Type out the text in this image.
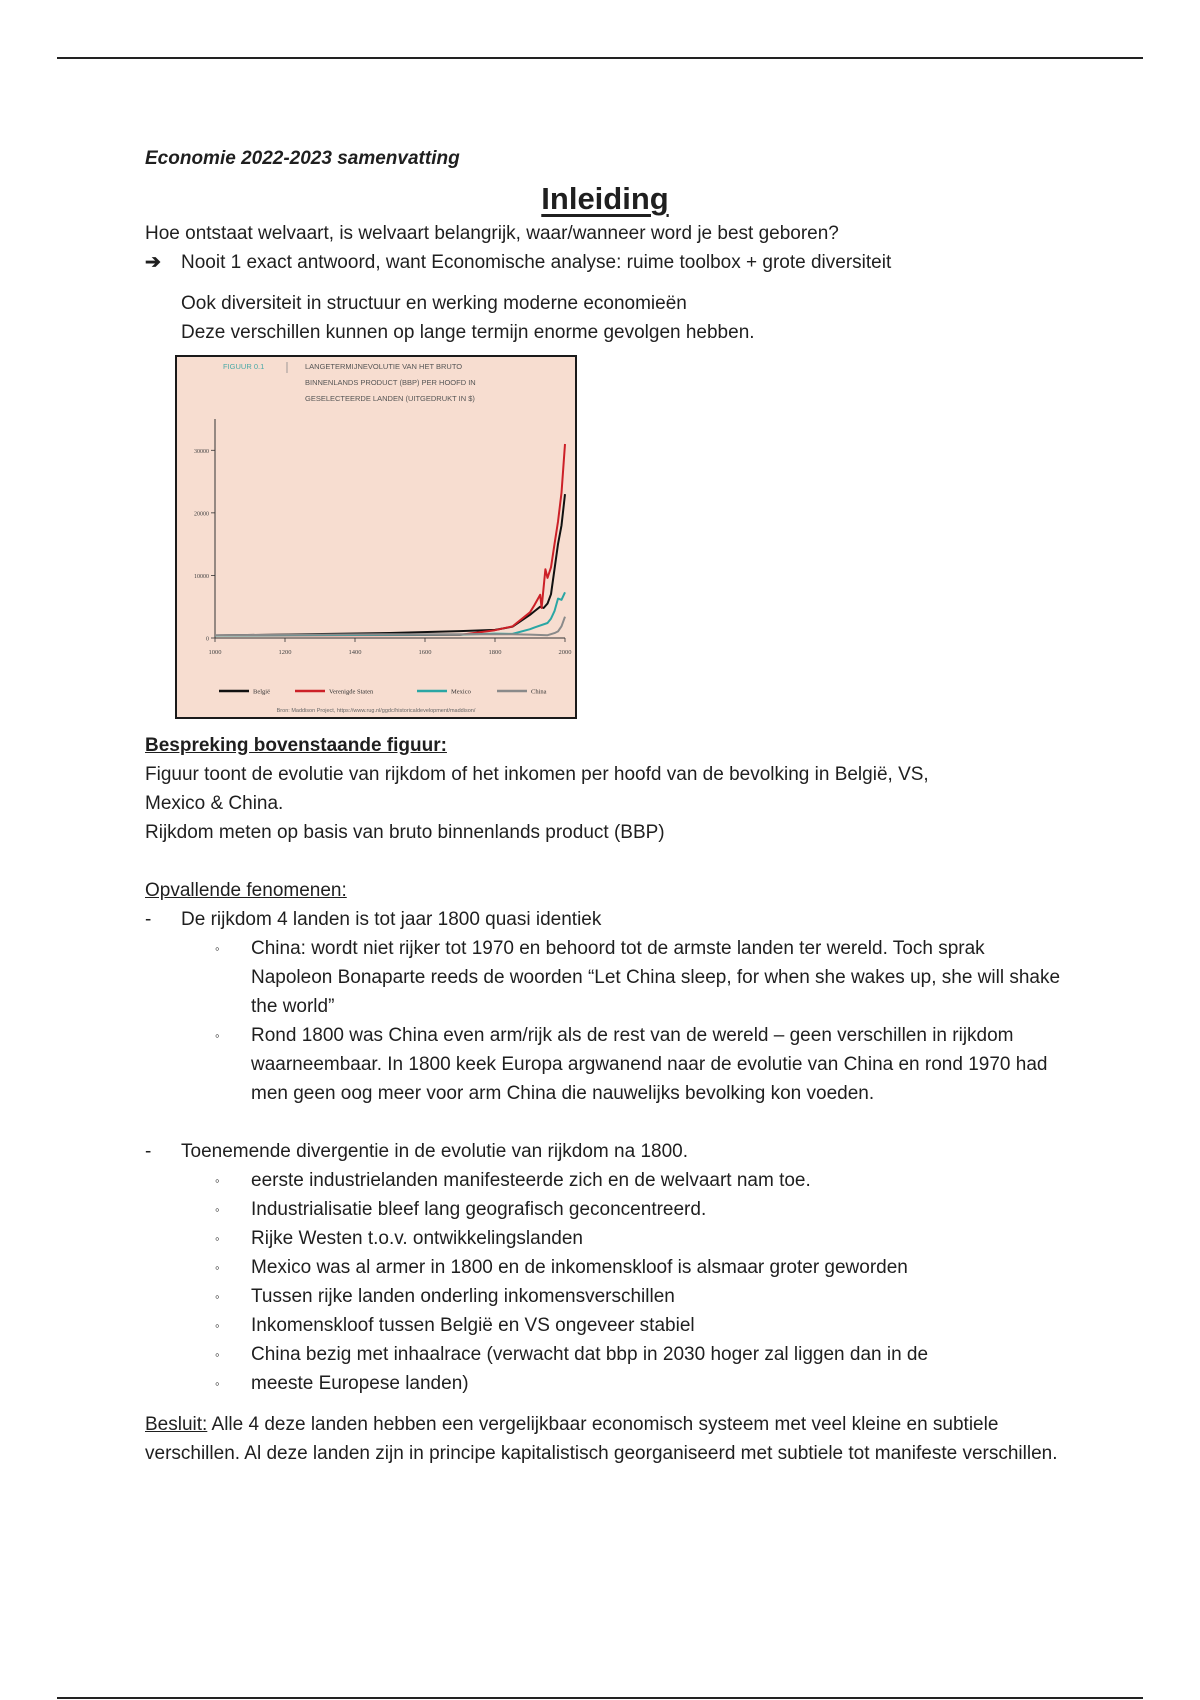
Economie 2022-2023 samenvatting

Inleiding

Hoe ontstaat welvaart, is welvaart belangrijk, waar/wanneer word je best geboren?

➔	Nooit 1 exact antwoord, want Economische analyse: ruime toolbox + grote diversiteit

Ook diversiteit in structuur en werking moderne economieën

Deze verschillen kunnen op lange termijn enorme gevolgen hebben.

FIGUUR 0.1	LANGETERMIJNEVOLUTIE VAN HET BRUTO
BINNENLANDS PRODUCT (BBP) PER HOOFD IN
GESELECTEERDE LANDEN (UITGEDRUKT IN $)
0
10000
20000
30000
1000	1200	1400	1600	1800	2000
België	Verenigde Staten	Mexico	China
Bron: Maddison Project, https://www.rug.nl/ggdc/historicaldevelopment/maddison/

Bespreking bovenstaande figuur:

Figuur toont de evolutie van rijkdom of het inkomen per hoofd van de bevolking in België, VS,

Mexico & China.

Rijkdom meten op basis van bruto binnenlands product (BBP)

Opvallende fenomenen:

- De rijkdom 4 landen is tot jaar 1800 quasi identiek
◦ China: wordt niet rijker tot 1970 en behoord tot de armste landen ter wereld. Toch sprak Napoleon Bonaparte reeds de woorden “Let China sleep, for when she wakes up, she will shake the world”
◦ Rond 1800 was China even arm/rijk als de rest van de wereld – geen verschillen in rijkdom waarneembaar. In 1800 keek Europa argwanend naar de evolutie van China en rond 1970 had men geen oog meer voor arm China die nauwelijks bevolking kon voeden.
- Toenemende divergentie in de evolutie van rijkdom na 1800.
◦ eerste industrielanden manifesteerde zich en de welvaart nam toe.
◦ Industrialisatie bleef lang geografisch geconcentreerd.
◦ Rijke Westen t.o.v. ontwikkelingslanden
◦ Mexico was al armer in 1800 en de inkomenskloof is alsmaar groter geworden
◦ Tussen rijke landen onderling inkomensverschillen
◦ Inkomenskloof tussen België en VS ongeveer stabiel
◦ China bezig met inhaalrace (verwacht dat bbp in 2030 hoger zal liggen dan in de
◦ meeste Europese landen)

Besluit: Alle 4 deze landen hebben een vergelijkbaar economisch systeem met veel kleine en subtiele verschillen. Al deze landen zijn in principe kapitalistisch georganiseerd met subtiele tot manifeste verschillen.
